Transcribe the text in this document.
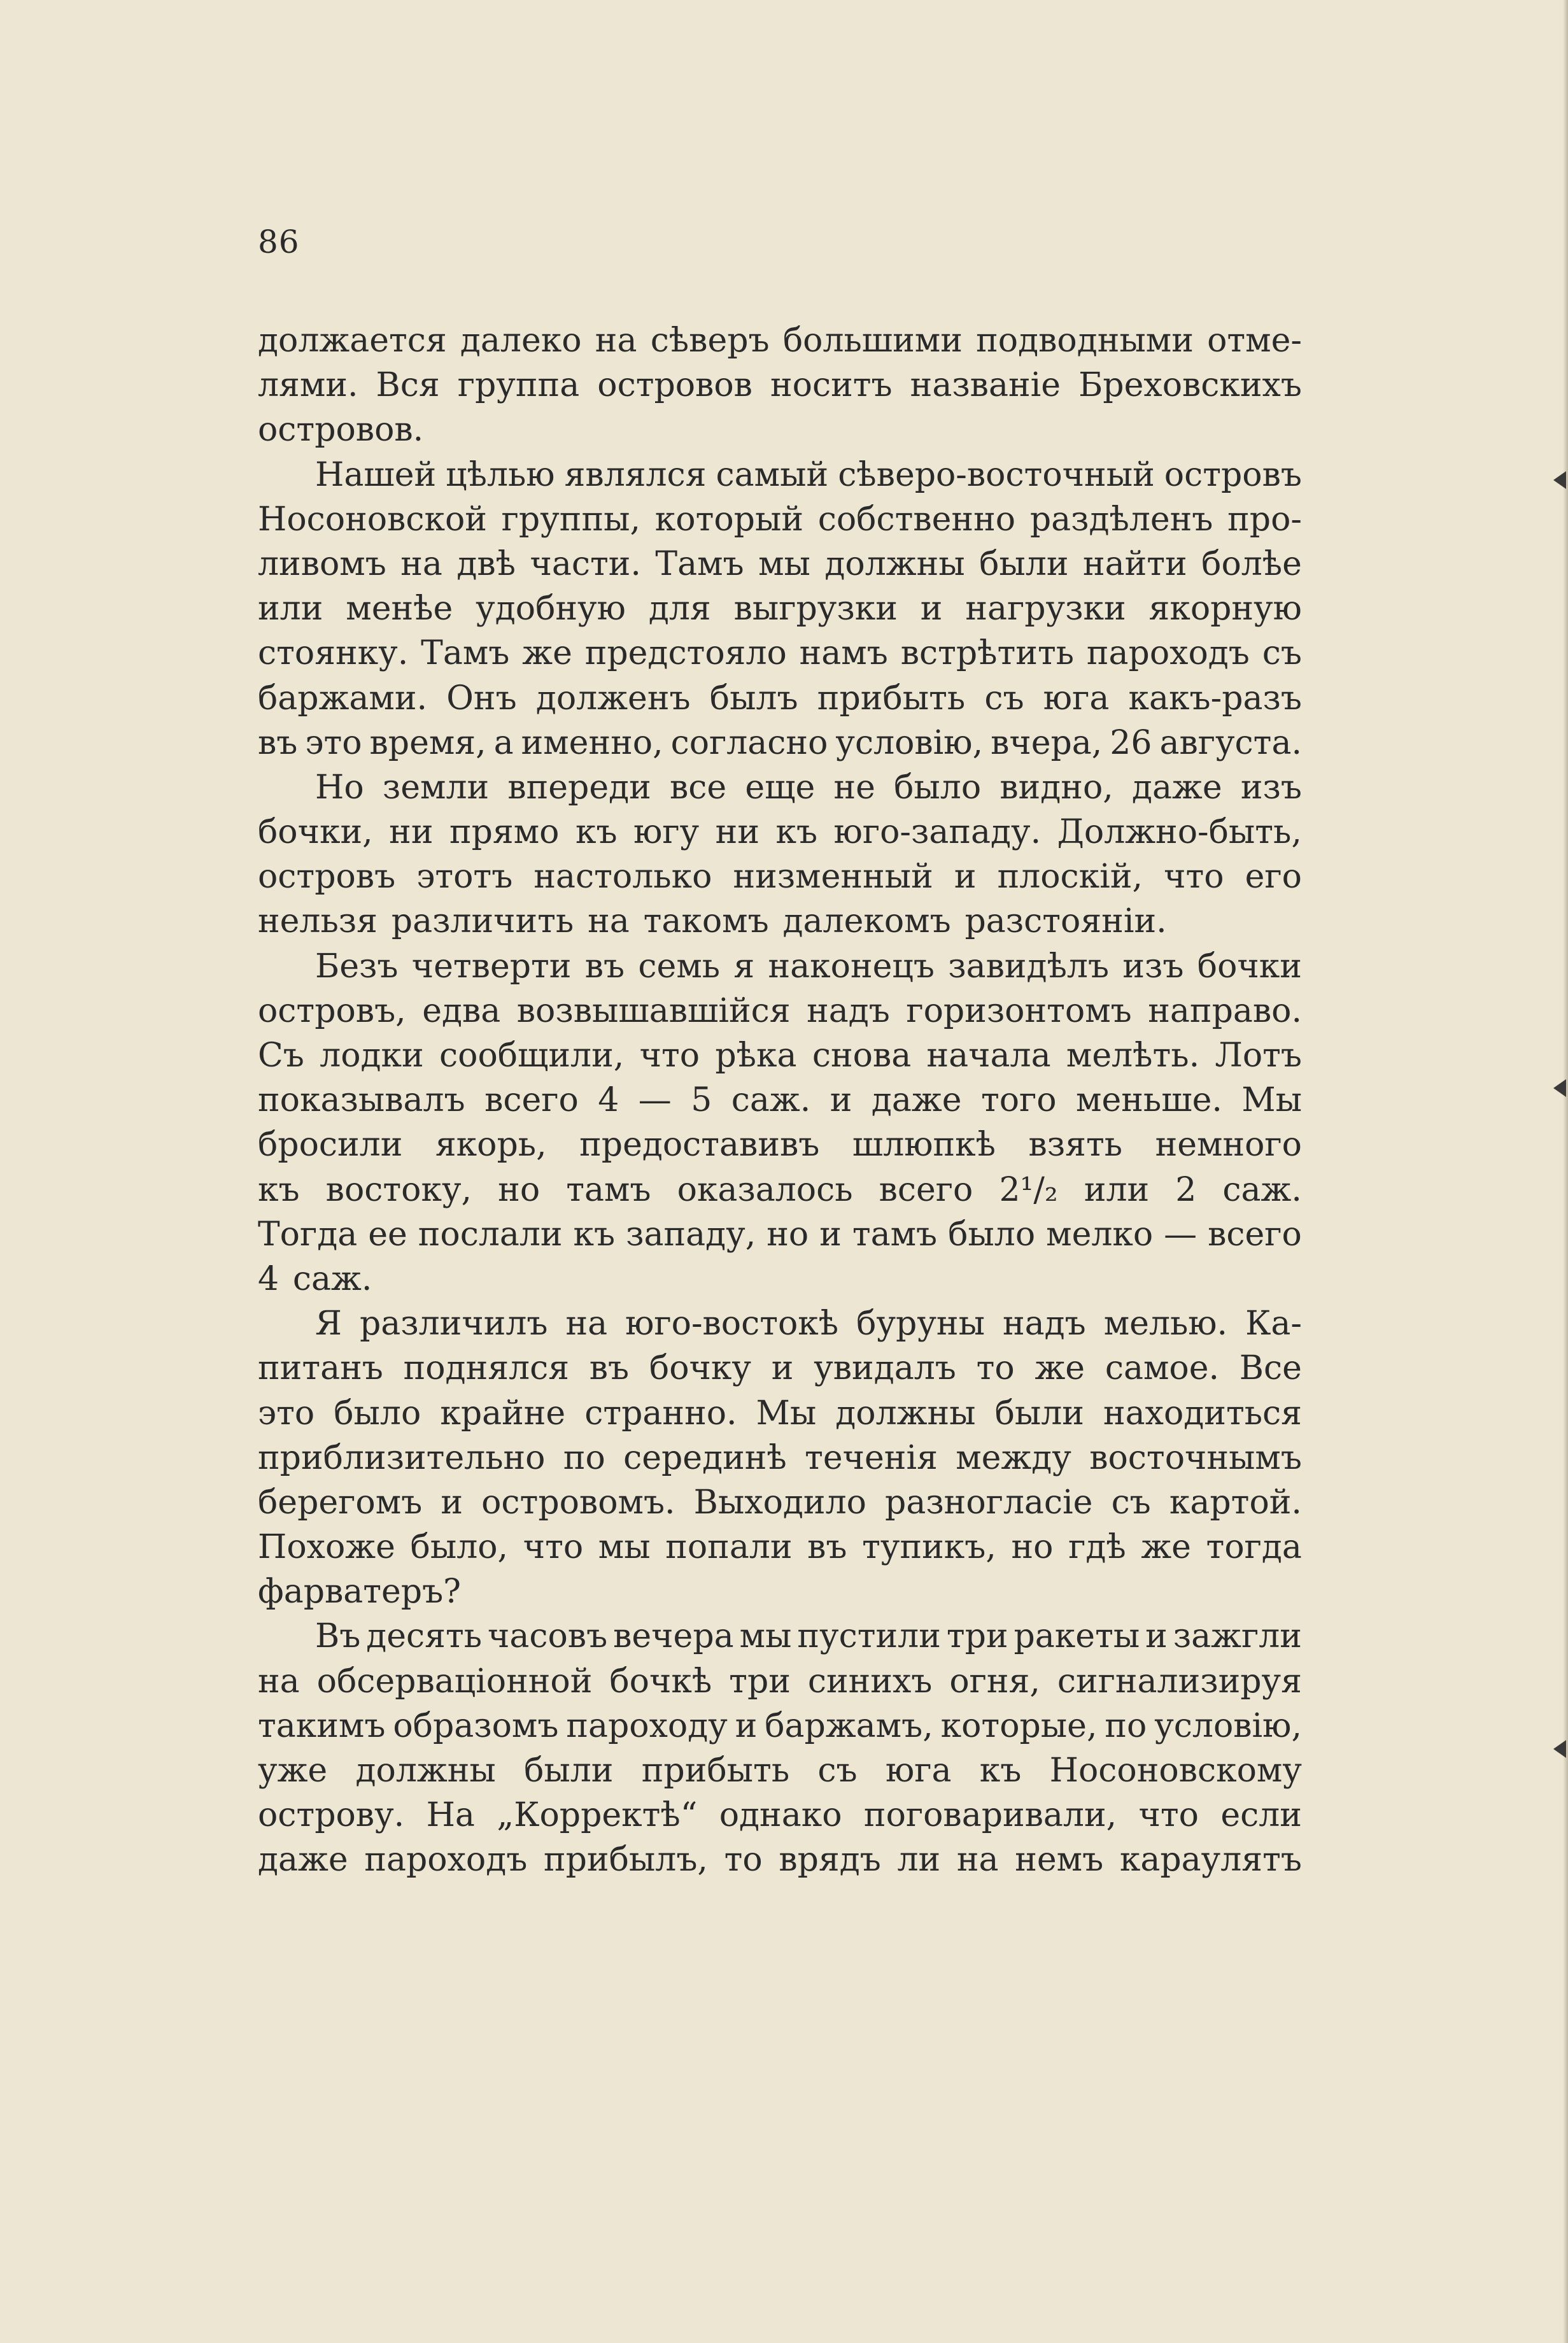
86
должается далеко на сѣверъ большими подводными отме-
лями. Вся группа островов носитъ названіе Бреховскихъ
островов.
Нашей цѣлью являлся самый сѣверо-восточный островъ
Носоновской группы, который собственно раздѣленъ про-
ливомъ на двѣ части. Тамъ мы должны были найти болѣе
или менѣе удобную для выгрузки и нагрузки якорную
стоянку. Тамъ же предстояло намъ встрѣтить пароходъ съ
баржами. Онъ долженъ былъ прибыть съ юга какъ-разъ
въ это время, а именно, согласно условію, вчера, 26 августа.
Но земли впереди все еще не было видно, даже изъ
бочки, ни прямо къ югу ни къ юго-западу. Должно-быть,
островъ этотъ настолько низменный и плоскій, что его
нельзя различить на такомъ далекомъ разстояніи.
Безъ четверти въ семь я наконецъ завидѣлъ изъ бочки
островъ, едва возвышавшійся надъ горизонтомъ направо.
Съ лодки сообщили, что рѣка снова начала мелѣть. Лотъ
показывалъ всего 4 — 5 саж. и даже того меньше. Мы
бросили якорь, предоставивъ шлюпкѣ взять немного
къ востоку, но тамъ оказалось всего 2¹/₂ или 2 саж.
Тогда ее послали къ западу, но и тамъ было мелко — всего
4 саж.
Я различилъ на юго-востокѣ буруны надъ мелью. Ка-
питанъ поднялся въ бочку и увидалъ то же самое. Все
это было крайне странно. Мы должны были находиться
приблизительно по серединѣ теченія между восточнымъ
берегомъ и островомъ. Выходило разногласіе съ картой.
Похоже было, что мы попали въ тупикъ, но гдѣ же тогда
фарватеръ?
Въ десять часовъ вечера мы пустили три ракеты и зажгли
на обсерваціонной бочкѣ три синихъ огня, сигнализируя
такимъ образомъ пароходу и баржамъ, которые, по условію,
уже должны были прибыть съ юга къ Носоновскому
острову. На „Корректѣ“ однако поговаривали, что если
даже пароходъ прибылъ, то врядъ ли на немъ караулятъ
